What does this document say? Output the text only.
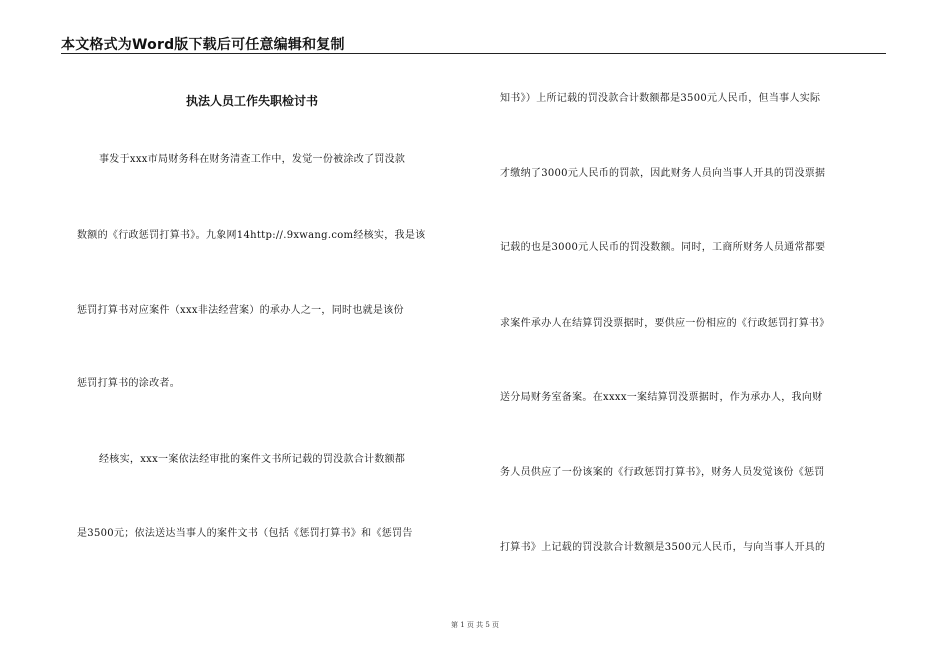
本文格式为Word版下载后可任意编辑和复制
执法人员工作失职检讨书
事发于xxx市局财务科在财务清查工作中，发觉一份被涂改了罚没款
数额的《行政惩罚打算书》。九象网14http://.9xwang.com经核实，我是该
惩罚打算书对应案件（xxx非法经营案）的承办人之一，同时也就是该份
惩罚打算书的涂改者。
经核实，xxx一案依法经审批的案件文书所记载的罚没款合计数额都
是3500元；依法送达当事人的案件文书（包括《惩罚打算书》和《惩罚告
知书》）上所记载的罚没款合计数额都是3500元人民币，但当事人实际
才缴纳了3000元人民币的罚款，因此财务人员向当事人开具的罚没票据
记载的也是3000元人民币的罚没数额。同时，工商所财务人员通常都要
求案件承办人在结算罚没票据时，要供应一份相应的《行政惩罚打算书》
送分局财务室备案。在xxxx一案结算罚没票据时，作为承办人，我向财
务人员供应了一份该案的《行政惩罚打算书》，财务人员发觉该份《惩罚
打算书》上记载的罚没款合计数额是3500元人民币，与向当事人开具的
第 1 页 共 5 页
